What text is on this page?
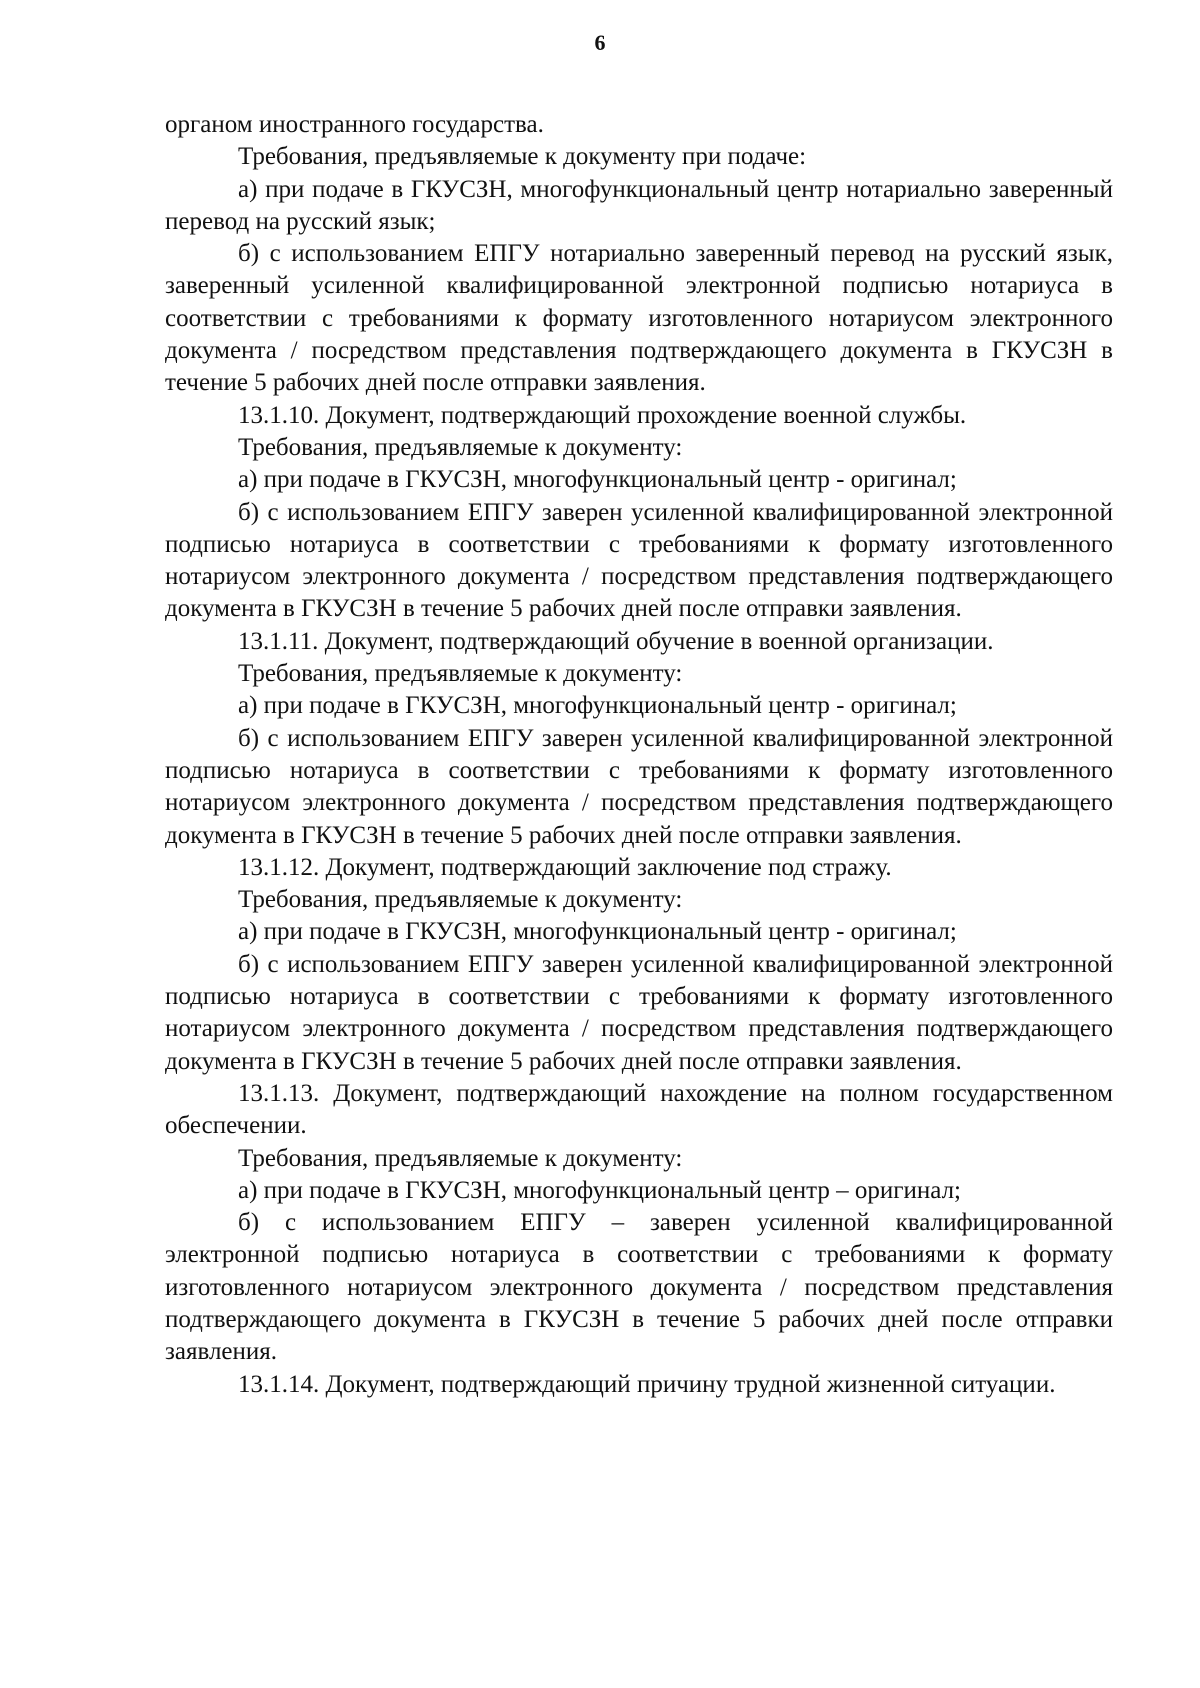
6

органом иностранного государства.

Требования, предъявляемые к документу при подаче:

а) при подаче в ГКУСЗН, многофункциональный центр нотариально заверенный перевод на русский язык;

б) с использованием ЕПГУ нотариально заверенный перевод на русский язык, заверенный усиленной квалифицированной электронной подписью нотариуса в соответствии с требованиями к формату изготовленного нотариусом электронного документа / посредством представления подтверждающего документа в ГКУСЗН в течение 5 рабочих дней после отправки заявления.

13.1.10. Документ, подтверждающий прохождение военной службы.

Требования, предъявляемые к документу:

а) при подаче в ГКУСЗН, многофункциональный центр - оригинал;

б) с использованием ЕПГУ заверен усиленной квалифицированной электронной подписью нотариуса в соответствии с требованиями к формату изготовленного нотариусом электронного документа / посредством представления подтверждающего документа в ГКУСЗН в течение 5 рабочих дней после отправки заявления.

13.1.11. Документ, подтверждающий обучение в военной организации.

Требования, предъявляемые к документу:

а) при подаче в ГКУСЗН, многофункциональный центр - оригинал;

б) с использованием ЕПГУ заверен усиленной квалифицированной электронной подписью нотариуса в соответствии с требованиями к формату изготовленного нотариусом электронного документа / посредством представления подтверждающего документа в ГКУСЗН в течение 5 рабочих дней после отправки заявления.

13.1.12. Документ, подтверждающий заключение под стражу.

Требования, предъявляемые к документу:

а) при подаче в ГКУСЗН, многофункциональный центр - оригинал;

б) с использованием ЕПГУ заверен усиленной квалифицированной электронной подписью нотариуса в соответствии с требованиями к формату изготовленного нотариусом электронного документа / посредством представления подтверждающего документа в ГКУСЗН в течение 5 рабочих дней после отправки заявления.

13.1.13. Документ, подтверждающий нахождение на полном государственном обеспечении.

Требования, предъявляемые к документу:

а) при подаче в ГКУСЗН, многофункциональный центр – оригинал;

б) с использованием ЕПГУ – заверен усиленной квалифицированной электронной подписью нотариуса в соответствии с требованиями к формату изготовленного нотариусом электронного документа / посредством представления подтверждающего документа в ГКУСЗН в течение 5 рабочих дней после отправки заявления.

13.1.14. Документ, подтверждающий причину трудной жизненной ситуации.
